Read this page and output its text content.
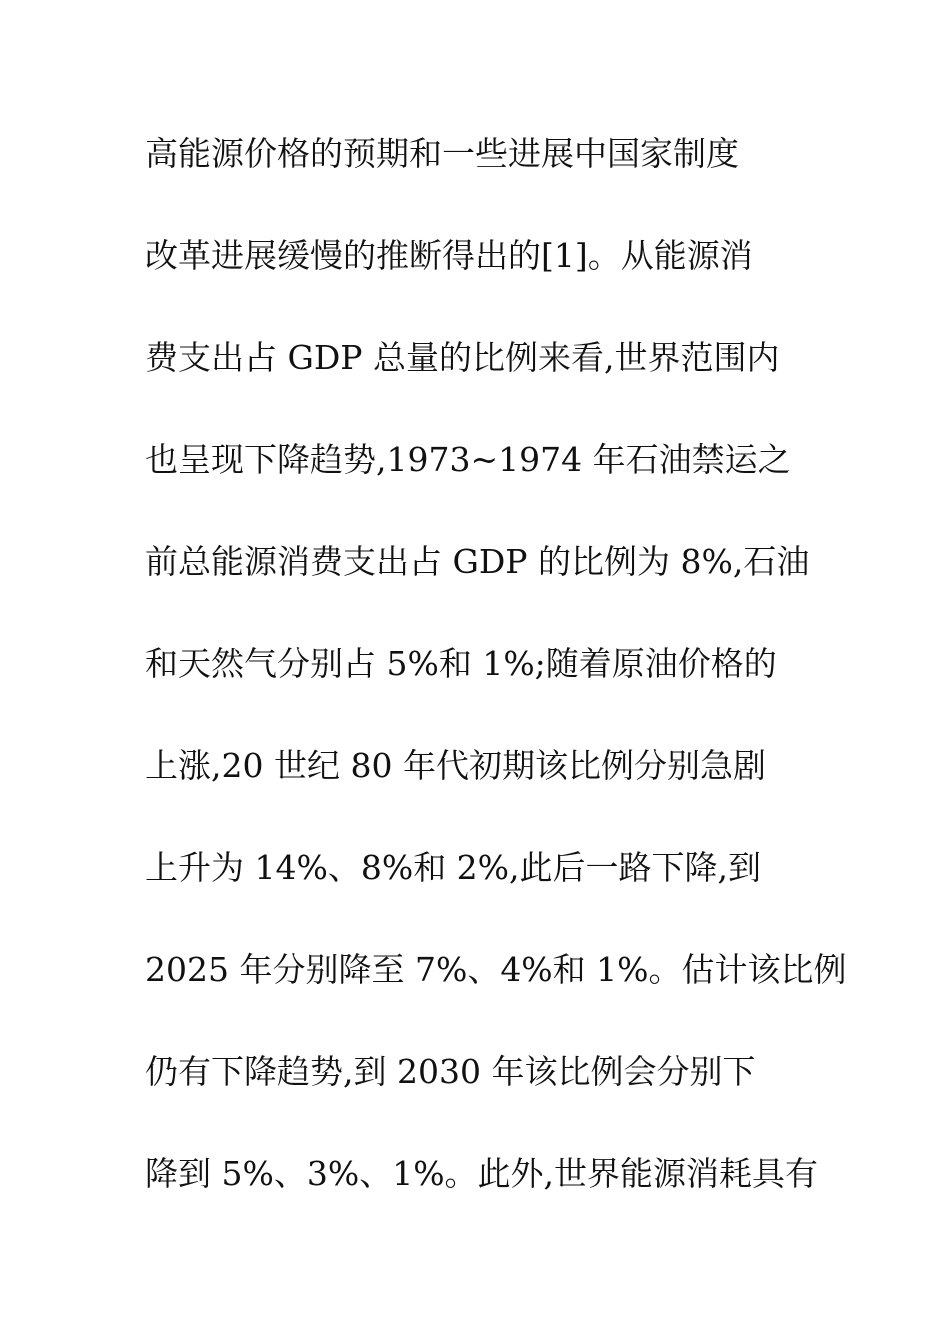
高能源价格的预期和一些进展中国家制度
改革进展缓慢的推断得出的[1]。从能源消
费支出占 GDP 总量的比例来看,世界范围内
也呈现下降趋势,1973~1974 年石油禁运之
前总能源消费支出占 GDP 的比例为 8%,石油
和天然气分别占 5%和 1%;随着原油价格的
上涨,20 世纪 80 年代初期该比例分别急剧
上升为 14%、8%和 2%,此后一路下降,到
2025 年分别降至 7%、4%和 1%。估计该比例
仍有下降趋势,到 2030 年该比例会分别下
降到 5%、3%、1%。此外,世界能源消耗具有
